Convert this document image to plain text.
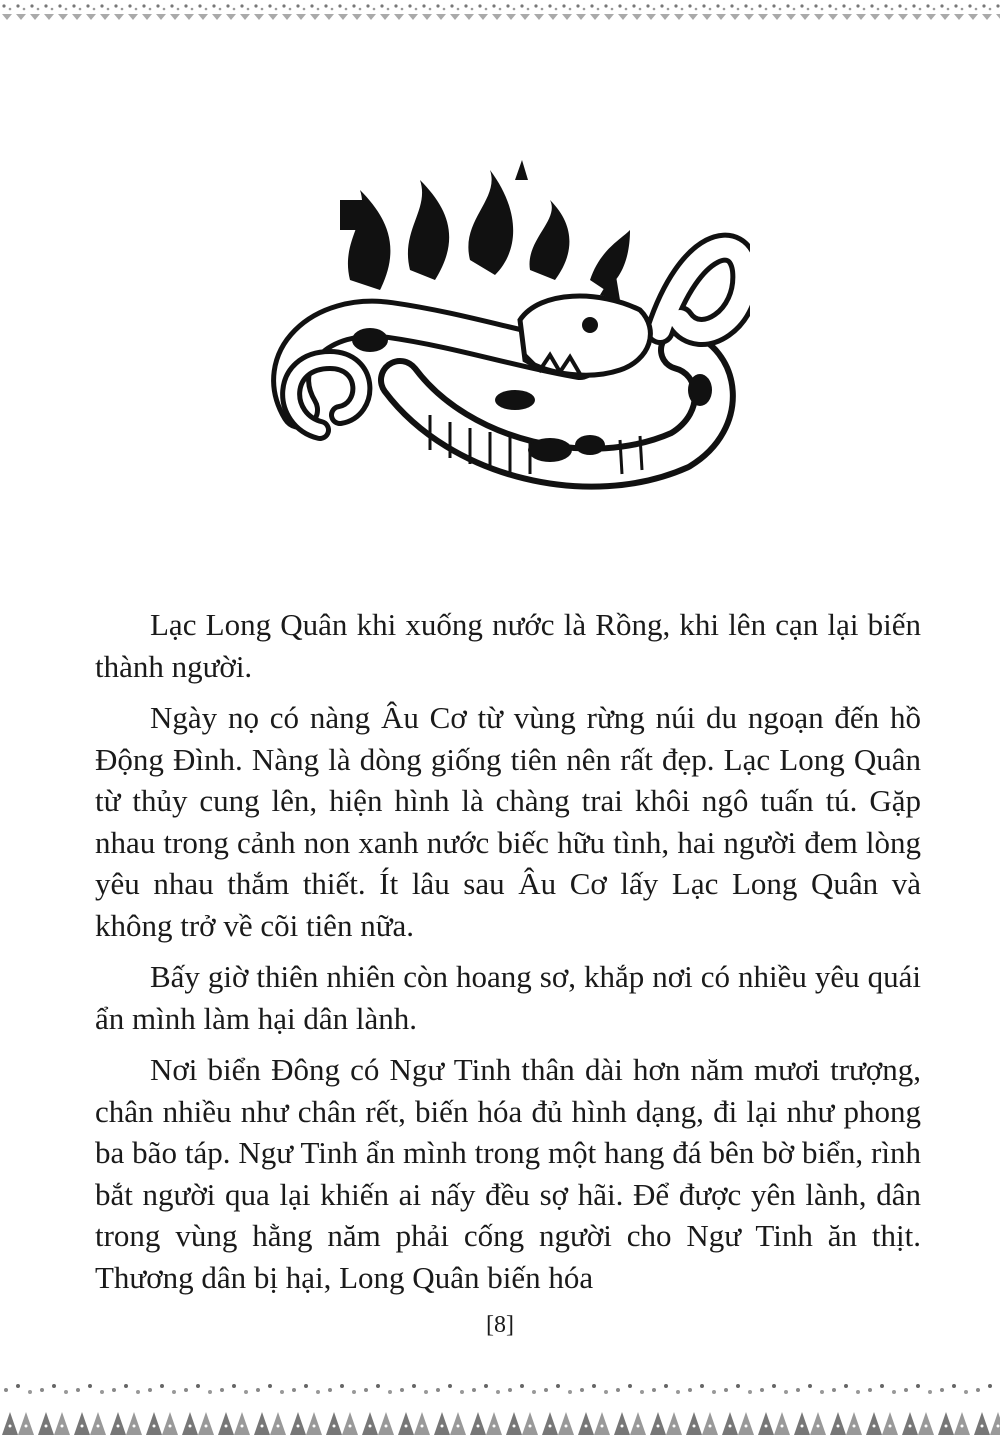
Lạc Long Quân khi xuống nước là Rồng, khi lên cạn lại biến thành người.

Ngày nọ có nàng Âu Cơ từ vùng rừng núi du ngoạn đến hồ Động Đình. Nàng là dòng giống tiên nên rất đẹp. Lạc Long Quân từ thủy cung lên, hiện hình là chàng trai khôi ngô tuấn tú. Gặp nhau trong cảnh non xanh nước biếc hữu tình, hai người đem lòng yêu nhau thắm thiết. Ít lâu sau Âu Cơ lấy Lạc Long Quân và không trở về cõi tiên nữa.

Bấy giờ thiên nhiên còn hoang sơ, khắp nơi có nhiều yêu quái ẩn mình làm hại dân lành.

Nơi biển Đông có Ngư Tinh thân dài hơn năm mươi trượng, chân nhiều như chân rết, biến hóa đủ hình dạng, đi lại như phong ba bão táp. Ngư Tinh ẩn mình trong một hang đá bên bờ biển, rình bắt người qua lại khiến ai nấy đều sợ hãi. Để được yên lành, dân trong vùng hằng năm phải cống người cho Ngư Tinh ăn thịt. Thương dân bị hại, Long Quân biến hóa

[8]
